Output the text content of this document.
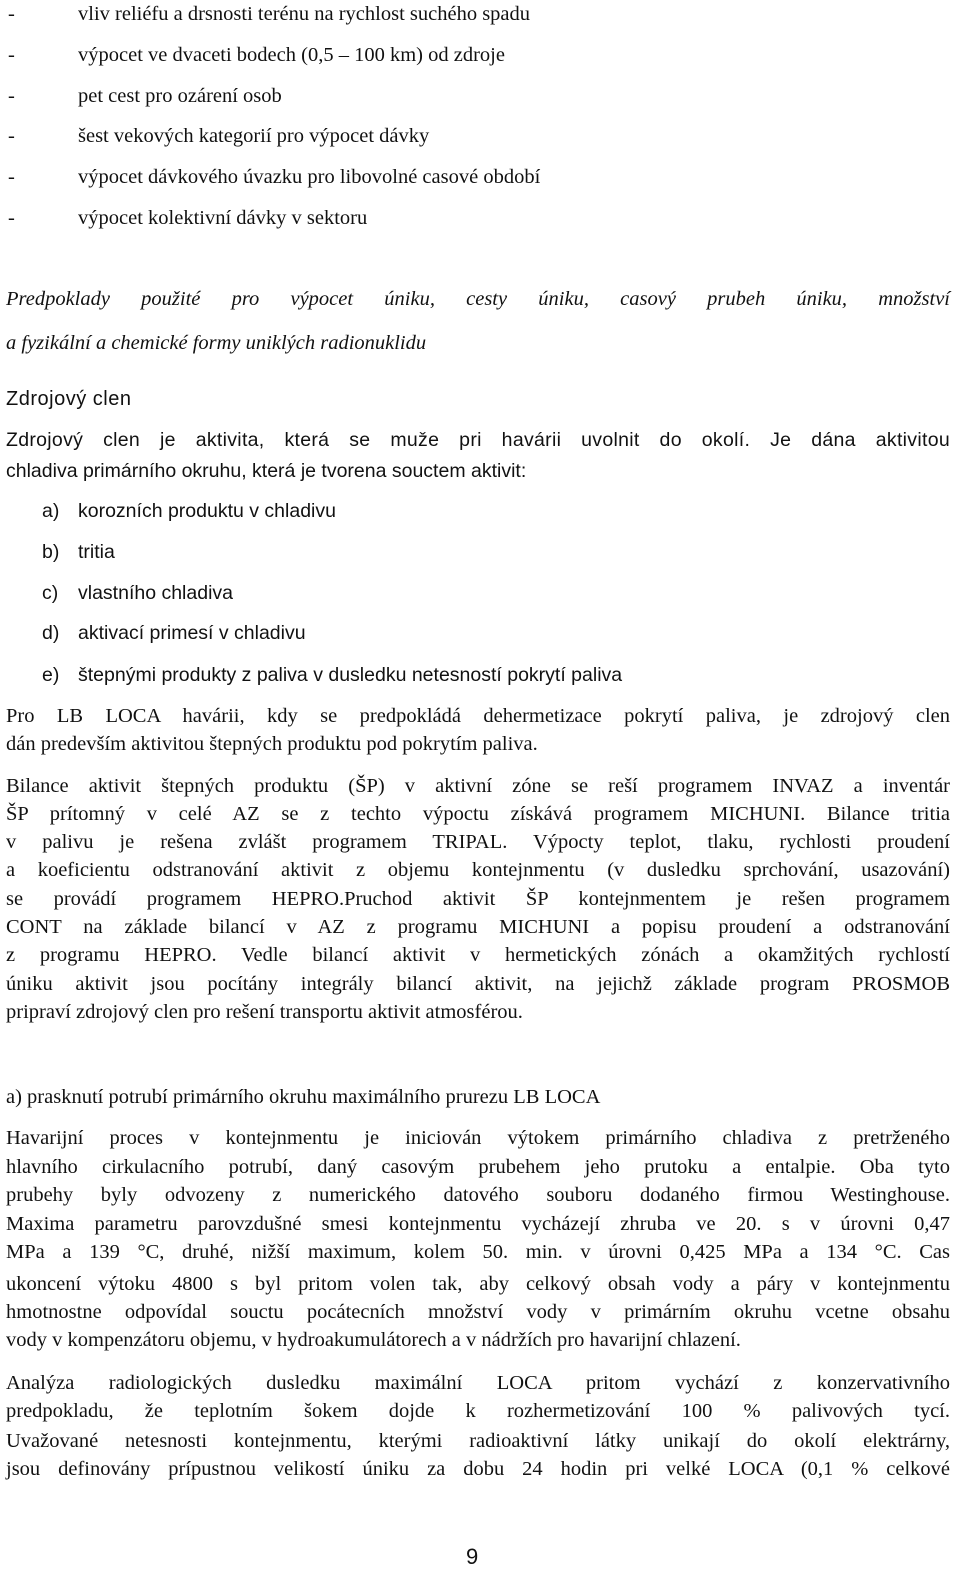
-	vliv reliéfu a drsnosti terénu na rychlost suchého spadu
-	výpocet ve dvaceti bodech (0,5 – 100 km) od zdroje
-	pet cest pro ozárení osob
-	šest vekových kategorií pro výpocet dávky
-	výpocet dávkového úvazku pro libovolné casové období
-	výpocet kolektivní dávky v sektoru
Predpoklady použité pro výpocet úniku, cesty úniku, casový prubeh úniku, množství
a fyzikální a chemické formy uniklých radionuklidu
Zdrojový clen
Zdrojový clen je aktivita, která se muže pri havárii uvolnit do okolí. Je dána aktivitou
chladiva primárního okruhu, která je tvorena souctem aktivit:
a) korozních produktu v chladivu
b) tritia
c) vlastního chladiva
d) aktivací primesí v chladivu
e) štepnými produkty z paliva v dusledku netesností pokrytí paliva
Pro LB LOCA havárii, kdy se predpokládá dehermetizace pokrytí paliva, je zdrojový clen
dán predevším aktivitou štepných produktu pod pokrytím paliva.
Bilance aktivit štepných produktu (ŠP) v aktivní zóne se reší programem INVAZ a inventár
ŠP prítomný v celé AZ se z techto výpoctu získává programem MICHUNI. Bilance tritia
v palivu je rešena zvlášt programem TRIPAL. Výpocty teplot, tlaku, rychlosti proudení
a koeficientu odstranování aktivit z objemu kontejnmentu (v dusledku sprchování, usazování)
se provádí programem HEPRO.Pruchod aktivit ŠP kontejnmentem je rešen programem
CONT na základe bilancí v AZ z programu MICHUNI a popisu proudení a odstranování
z programu HEPRO. Vedle bilancí aktivit v hermetických zónách a okamžitých rychlostí
úniku aktivit jsou pocítány integrály bilancí aktivit, na jejichž základe program PROSMOB
pripraví zdrojový clen pro rešení transportu aktivit atmosférou.
a) prasknutí potrubí primárního okruhu maximálního prurezu LB LOCA
Havarijní proces v kontejnmentu je iniciován výtokem primárního chladiva z pretrženého
hlavního cirkulacního potrubí, daný casovým prubehem jeho prutoku a entalpie. Oba tyto
prubehy byly odvozeny z numerického datového souboru dodaného firmou Westinghouse.
Maxima parametru parovzdušné smesi kontejnmentu vycházejí zhruba ve 20. s v úrovni 0,47
MPa a 139 °C, druhé, nižší maximum, kolem 50. min. v úrovni 0,425 MPa a 134 °C. Cas
ukoncení výtoku 4800 s byl pritom volen tak, aby celkový obsah vody a páry v kontejnmentu
hmotnostne odpovídal souctu pocátecních množství vody v primárním okruhu vcetne obsahu
vody v kompenzátoru objemu, v hydroakumulátorech a v nádržích pro havarijní chlazení.
Analýza radiologických dusledku maximální LOCA pritom vychází z konzervativního
predpokladu, že teplotním šokem dojde k rozhermetizování 100 % palivových tycí.
Uvažované netesnosti kontejnmentu, kterými radioaktivní látky unikají do okolí elektrárny,
jsou definovány prípustnou velikostí úniku za dobu 24 hodin pri velké LOCA (0,1 % celkové
9
